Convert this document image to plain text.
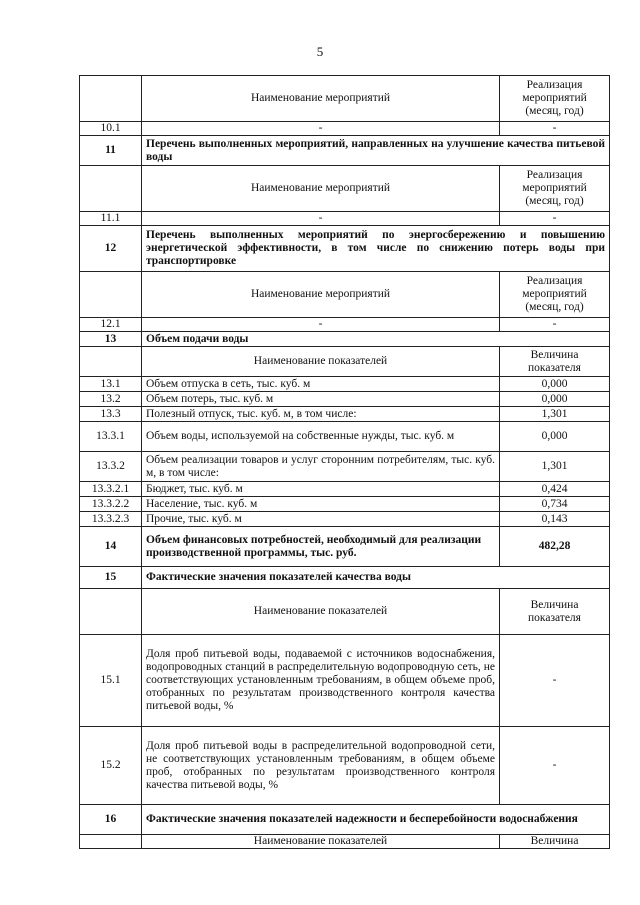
5
	Наименование мероприятий	Реализация мероприятий (месяц, год)
10.1	-	-
11	Перечень выполненных мероприятий, направленных на улучшение качества питьевой воды	
	Наименование мероприятий	Реализация мероприятий (месяц, год)
11.1	-	-
12	Перечень выполненных мероприятий по энергосбережению и повышению энергетической эффективности, в том числе по снижению потерь воды при транспортировке	
	Наименование мероприятий	Реализация мероприятий (месяц, год)
12.1	-	-
13	Объем подачи воды	
	Наименование показателей	Величина показателя
13.1	Объем отпуска в сеть, тыс. куб. м	0,000
13.2	Объем потерь, тыс. куб. м	0,000
13.3	Полезный отпуск, тыс. куб. м, в том числе:	1,301
13.3.1	Объем воды, используемой на собственные нужды, тыс. куб. м	0,000
13.3.2	Объем реализации товаров и услуг сторонним потребителям, тыс. куб. м, в том числе:	1,301
13.3.2.1	Бюджет, тыс. куб. м	0,424
13.3.2.2	Население, тыс. куб. м	0,734
13.3.2.3	Прочие, тыс. куб. м	0,143
14	Объем финансовых потребностей, необходимый для реализации производственной программы, тыс. руб.	482,28
15	Фактические значения показателей качества воды	
	Наименование показателей	Величина показателя
15.1	Доля проб питьевой воды, подаваемой с источников водоснабжения, водопроводных станций в распределительную водопроводную сеть, не соответствующих установленным требованиям, в общем объеме проб, отобранных по результатам производственного контроля качества питьевой воды, %	-
15.2	Доля проб питьевой воды в распределительной водопроводной сети, не соответствующих установленным требованиям, в общем объеме проб, отобранных по результатам производственного контроля качества питьевой воды, %	-
16	Фактические значения показателей надежности и бесперебойности водоснабжения	
	Наименование показателей	Величина
